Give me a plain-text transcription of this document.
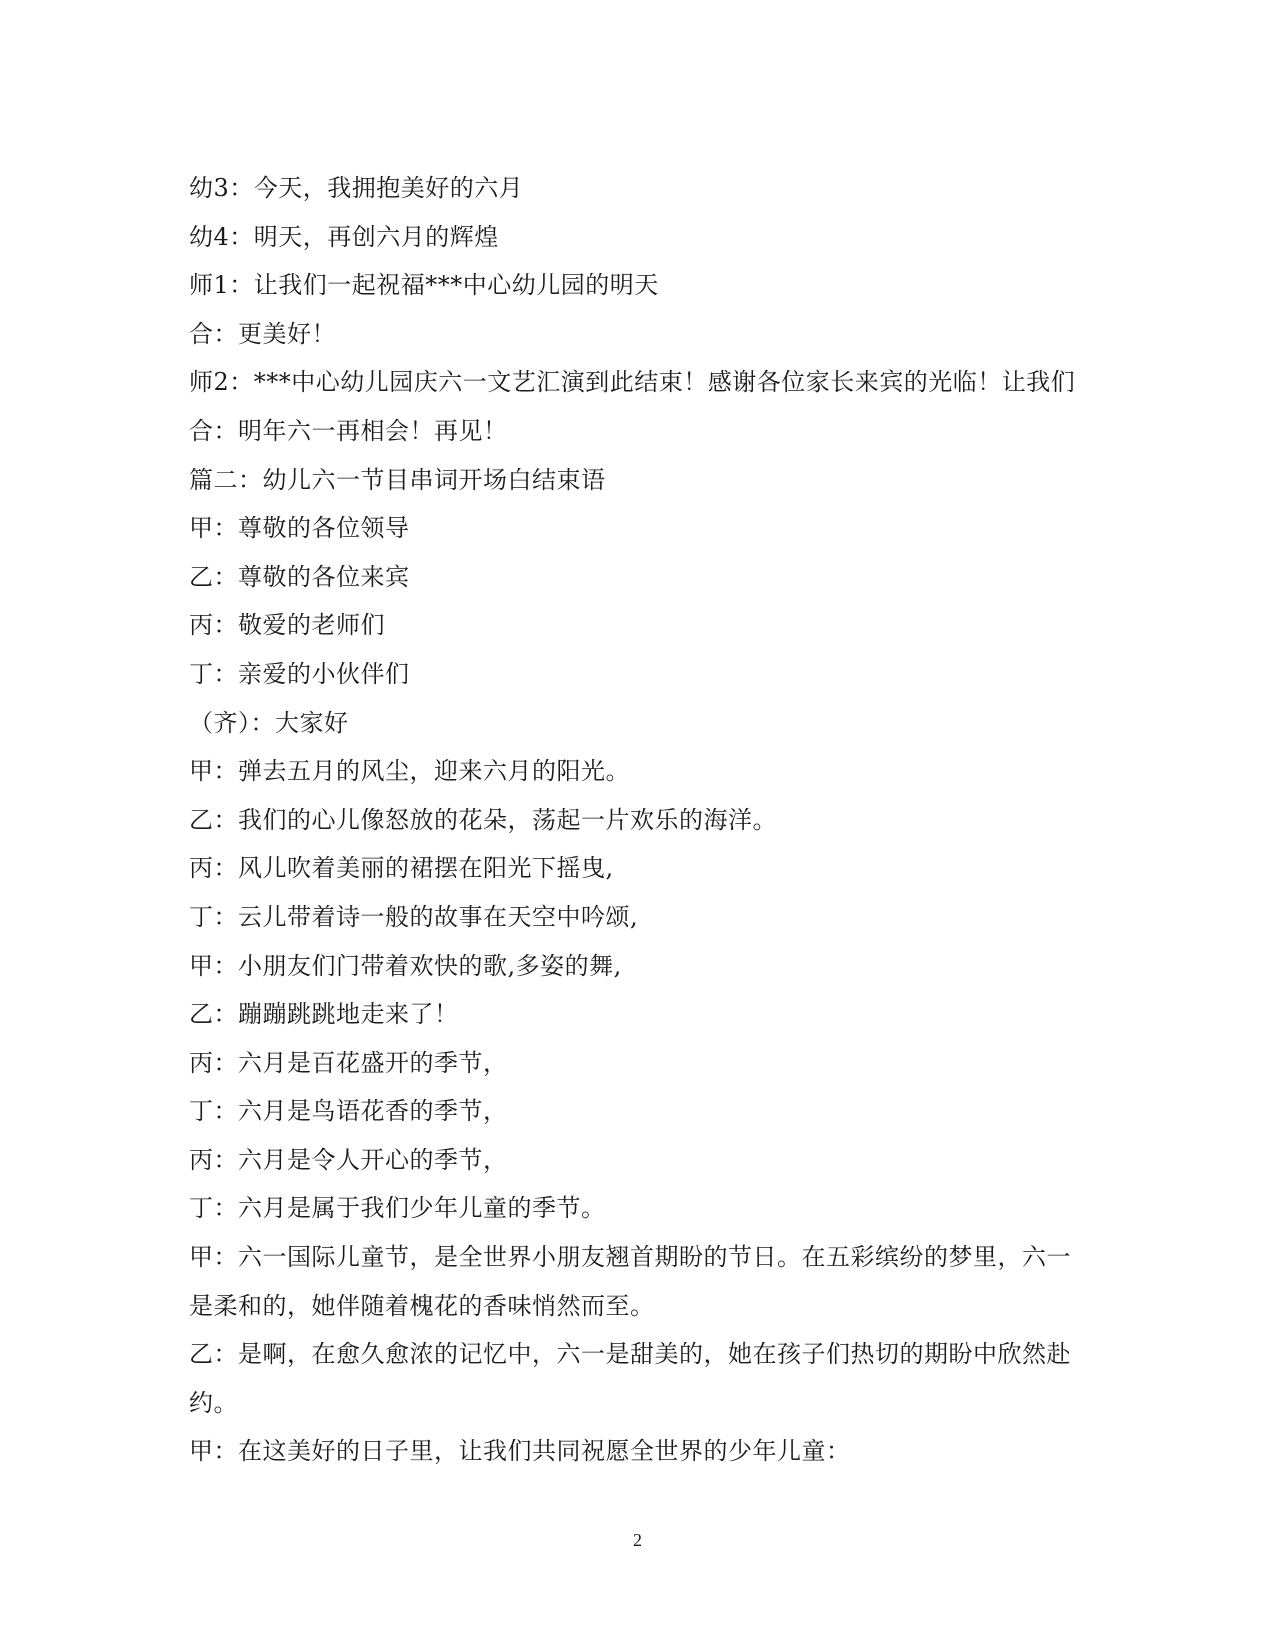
幼3：今天，我拥抱美好的六月
幼4：明天，再创六月的辉煌
师1：让我们一起祝福***中心幼儿园的明天
合：更美好！
师2：***中心幼儿园庆六一文艺汇演到此结束！感谢各位家长来宾的光临！让我们
合：明年六一再相会！再见！
篇二：幼儿六一节目串词开场白结束语
甲：尊敬的各位领导
乙：尊敬的各位来宾
丙：敬爱的老师们
丁：亲爱的小伙伴们
（齐）：大家好
甲：弹去五月的风尘，迎来六月的阳光。
乙：我们的心儿像怒放的花朵，荡起一片欢乐的海洋。
丙：风儿吹着美丽的裙摆在阳光下摇曳,
丁：云儿带着诗一般的故事在天空中吟颂,
甲：小朋友们门带着欢快的歌,多姿的舞,
乙：蹦蹦跳跳地走来了！
丙：六月是百花盛开的季节，
丁：六月是鸟语花香的季节，
丙：六月是令人开心的季节，
丁：六月是属于我们少年儿童的季节。
甲：六一国际儿童节，是全世界小朋友翘首期盼的节日。在五彩缤纷的梦里，六一
是柔和的，她伴随着槐花的香味悄然而至。
乙：是啊，在愈久愈浓的记忆中，六一是甜美的，她在孩子们热切的期盼中欣然赴
约。
甲：在这美好的日子里，让我们共同祝愿全世界的少年儿童：
2
